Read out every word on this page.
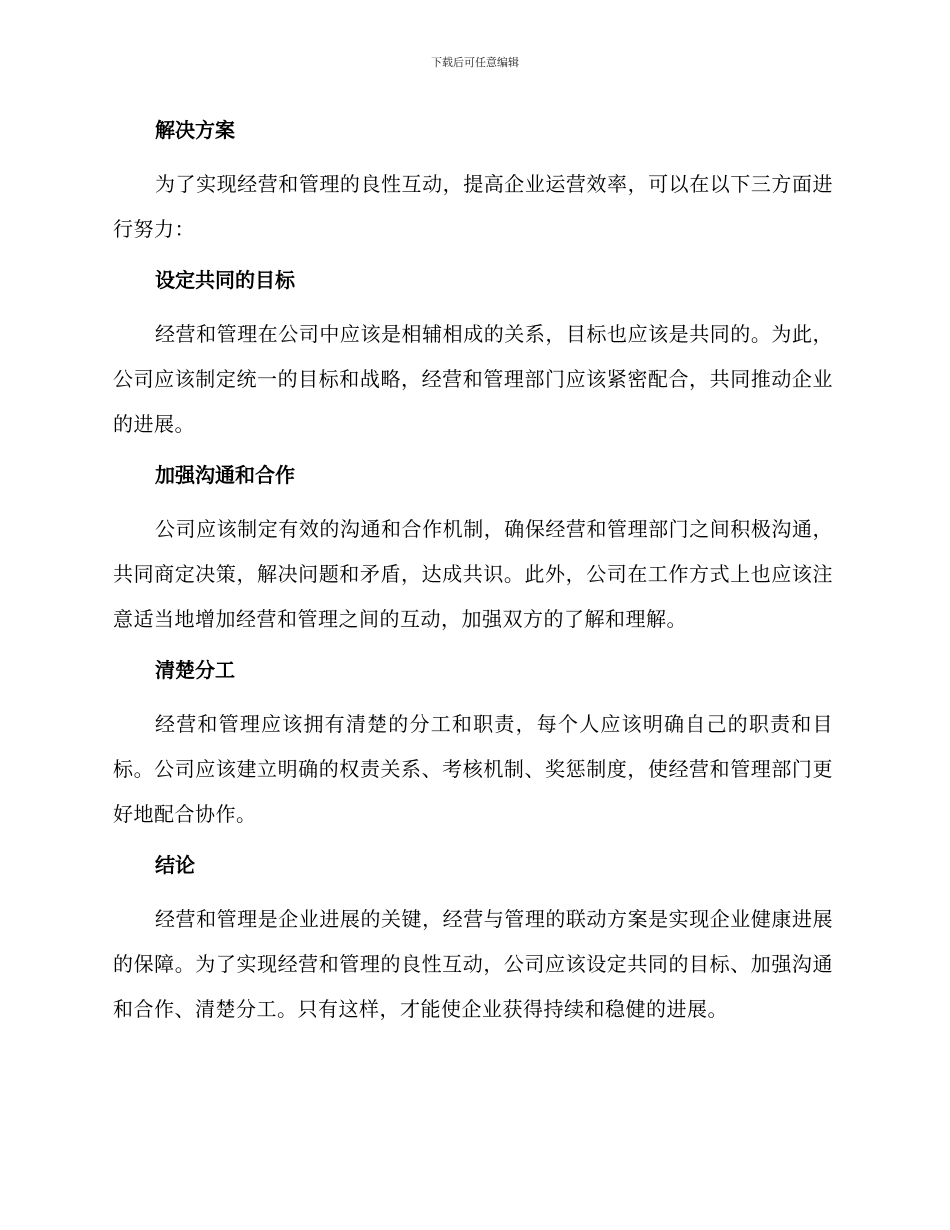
下载后可任意编辑
解决方案

为了实现经营和管理的良性互动，提高企业运营效率，可以在以下三方面进行努力：

设定共同的目标

经营和管理在公司中应该是相辅相成的关系，目标也应该是共同的。为此，公司应该制定统一的目标和战略，经营和管理部门应该紧密配合，共同推动企业的进展。

加强沟通和合作

公司应该制定有效的沟通和合作机制，确保经营和管理部门之间积极沟通，共同商定决策，解决问题和矛盾，达成共识。此外，公司在工作方式上也应该注意适当地增加经营和管理之间的互动，加强双方的了解和理解。

清楚分工

经营和管理应该拥有清楚的分工和职责，每个人应该明确自己的职责和目标。公司应该建立明确的权责关系、考核机制、奖惩制度，使经营和管理部门更好地配合协作。

结论

经营和管理是企业进展的关键，经营与管理的联动方案是实现企业健康进展的保障。为了实现经营和管理的良性互动，公司应该设定共同的目标、加强沟通和合作、清楚分工。只有这样，才能使企业获得持续和稳健的进展。
